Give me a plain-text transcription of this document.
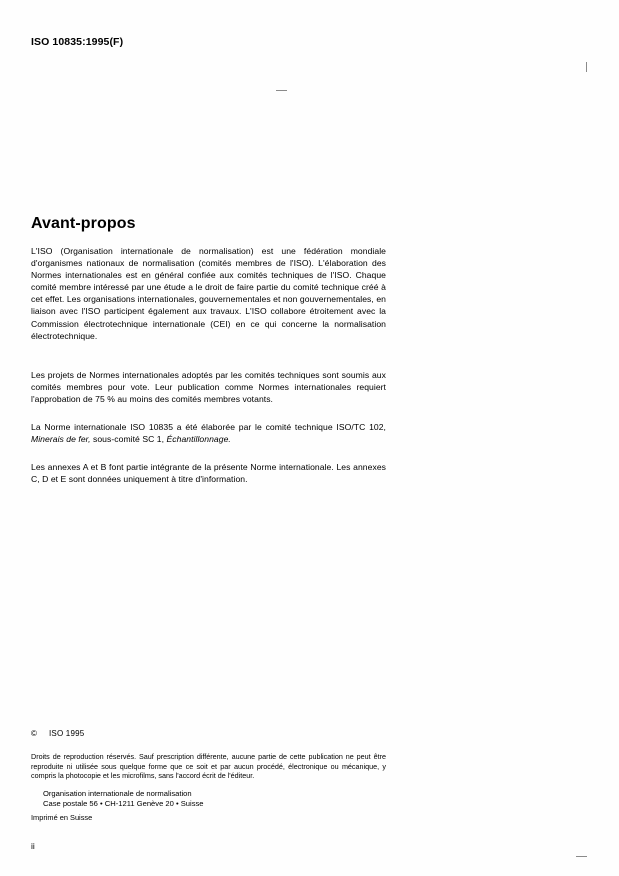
ISO 10835:1995(F)
Avant-propos
L'ISO (Organisation internationale de normalisation) est une fédération mondiale d'organismes nationaux de normalisation (comités membres de l'ISO). L'élaboration des Normes internationales est en général confiée aux comités techniques de l'ISO. Chaque comité membre intéressé par une étude a le droit de faire partie du comité technique créé à cet effet. Les organisations internationales, gouvernementales et non gouvernementales, en liaison avec l'ISO participent également aux travaux. L'ISO collabore étroitement avec la Commission électrotechnique internationale (CEI) en ce qui concerne la normalisation électrotechnique.
Les projets de Normes internationales adoptés par les comités techniques sont soumis aux comités membres pour vote. Leur publication comme Normes internationales requiert l'approbation de 75 % au moins des comités membres votants.
La Norme internationale ISO 10835 a été élaborée par le comité technique ISO/TC 102, Minerais de fer, sous-comité SC 1, Échantillonnage.
Les annexes A et B font partie intégrante de la présente Norme internationale. Les annexes C, D et E sont données uniquement à titre d'information.
© ISO 1995
Droits de reproduction réservés. Sauf prescription différente, aucune partie de cette publication ne peut être reproduite ni utilisée sous quelque forme que ce soit et par aucun procédé, électronique ou mécanique, y compris la photocopie et les microfilms, sans l'accord écrit de l'éditeur.
Organisation internationale de normalisation
Case postale 56 • CH-1211 Genève 20 • Suisse
Imprimé en Suisse
ii
